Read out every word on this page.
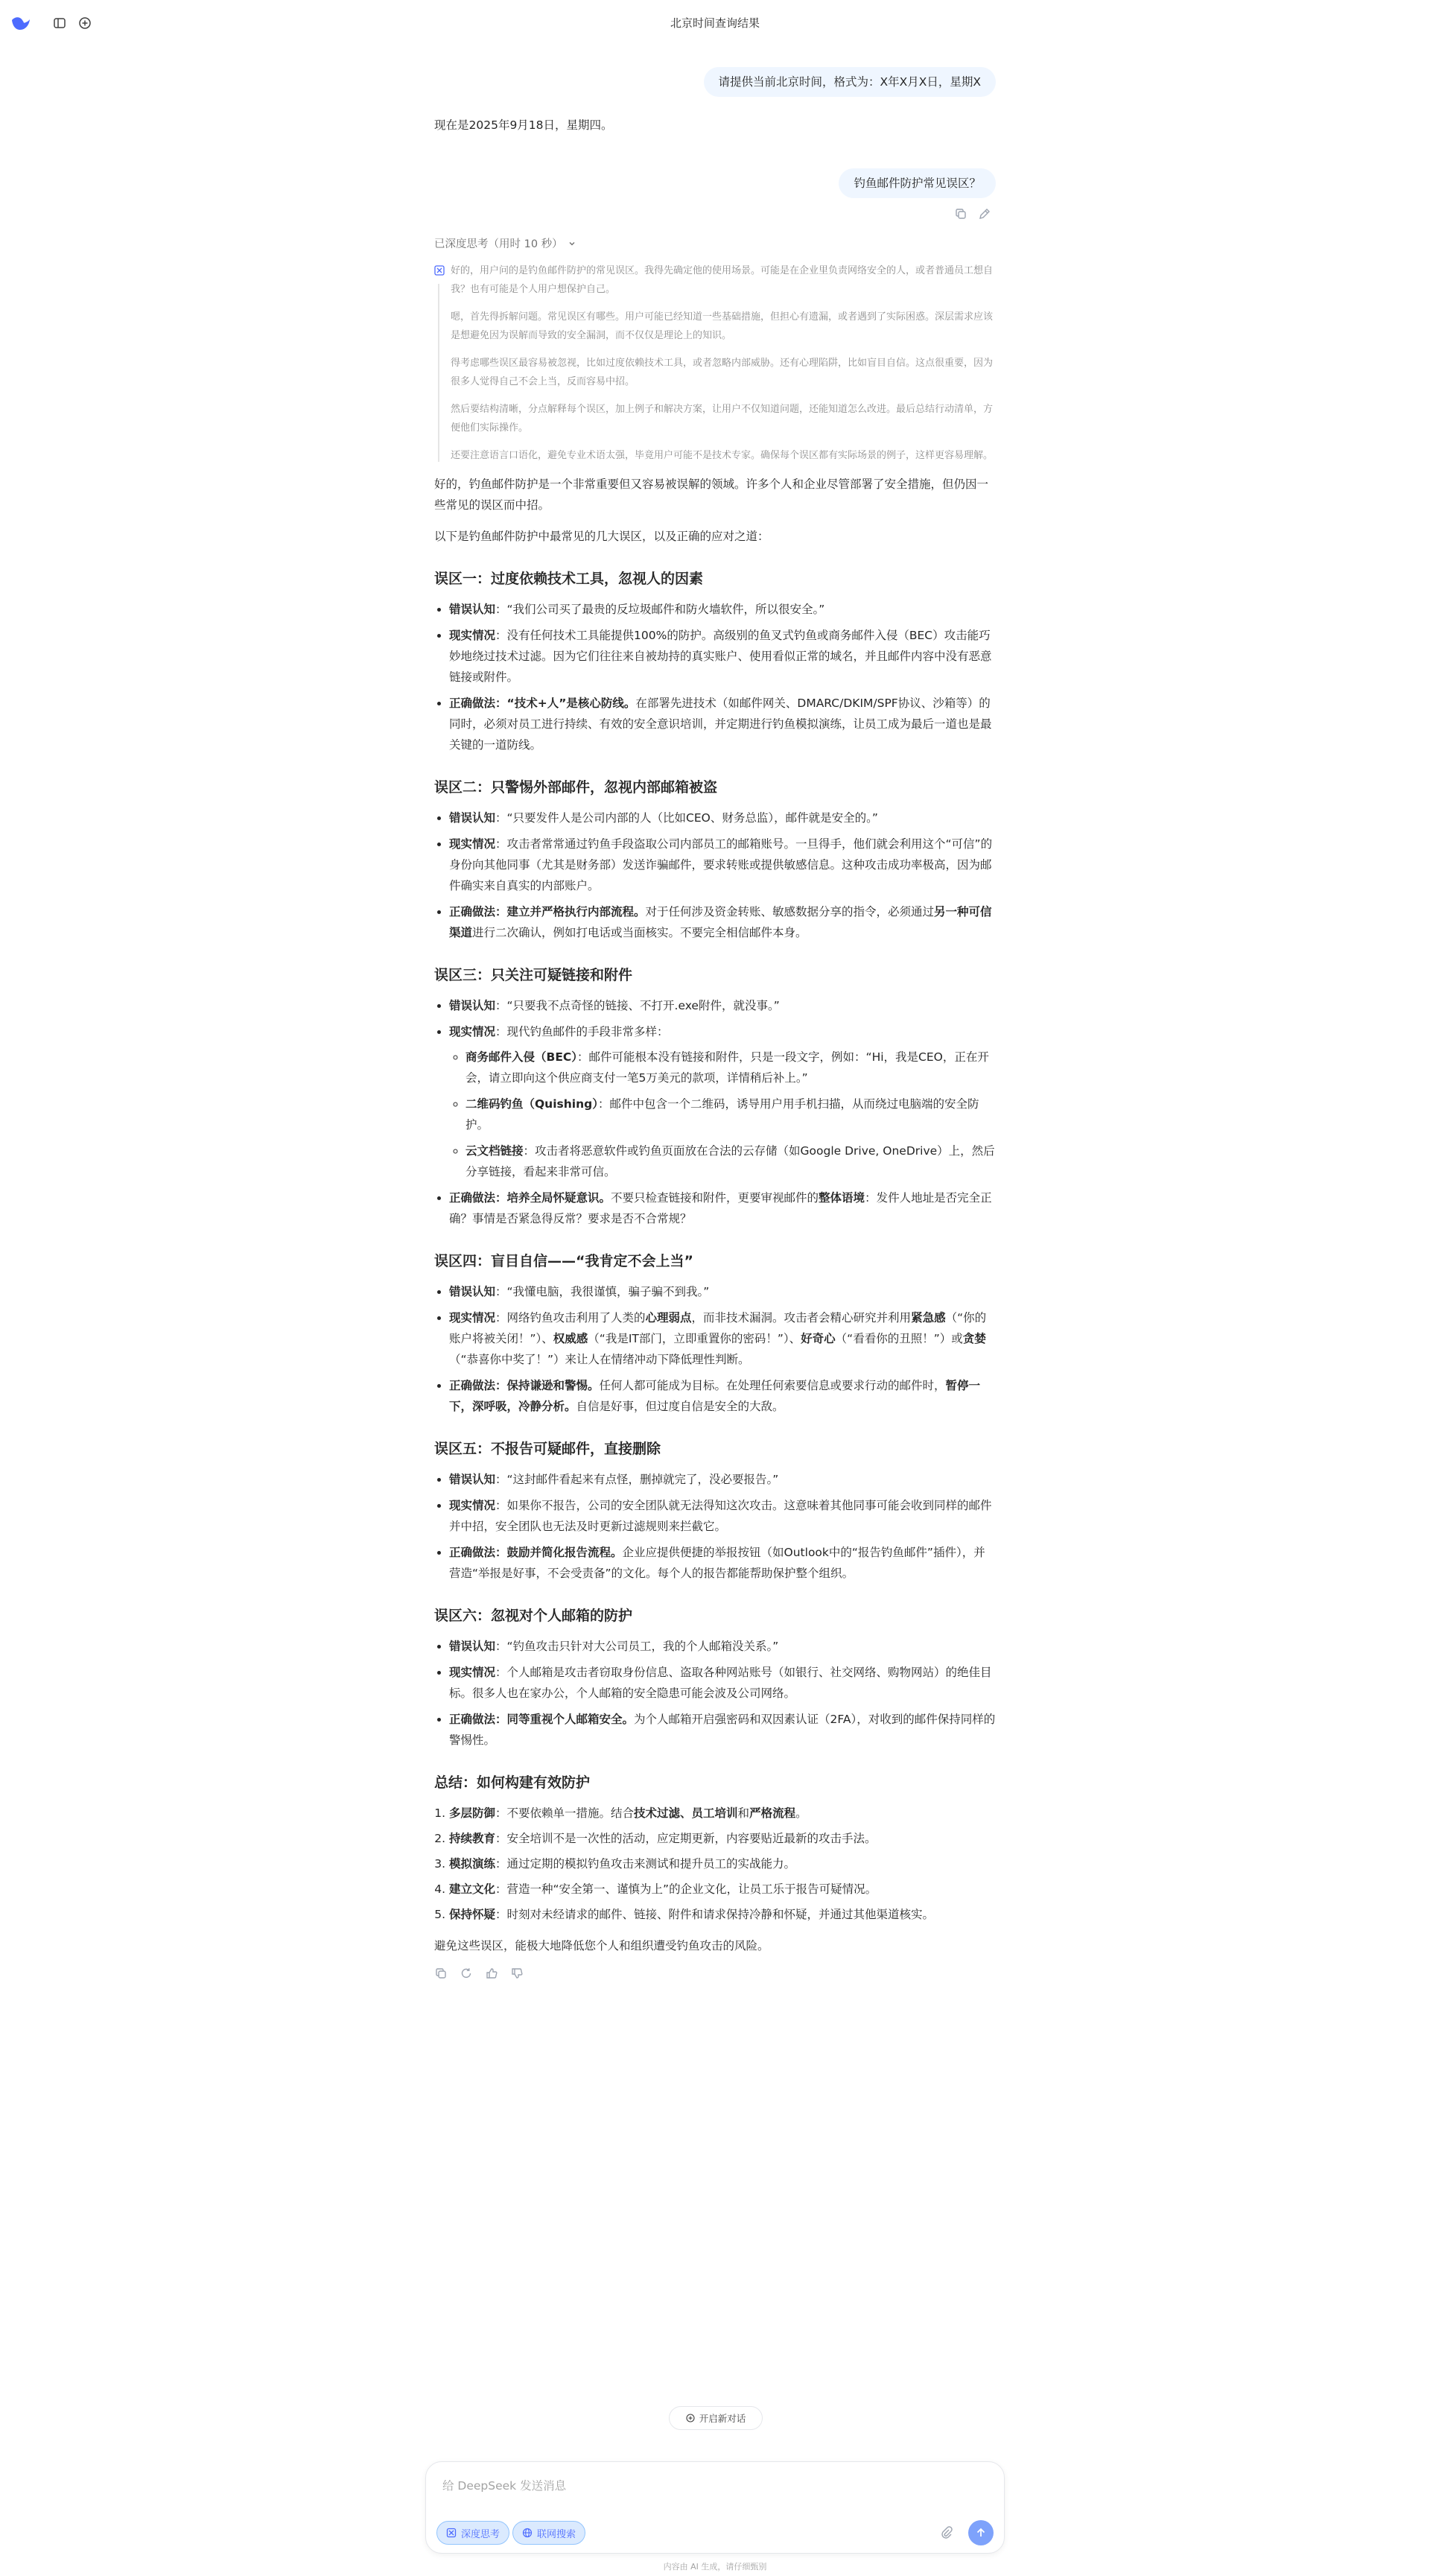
北京时间查询结果
请提供当前北京时间，格式为：X年X月X日，星期X
现在是2025年9月18日，星期四。
钓鱼邮件防护常见误区？
已深度思考（用时 10 秒）

好的，用户问的是钓鱼邮件防护的常见误区。我得先确定他的使用场景。可能是在企业里负责网络安全的人，或者普通员工想自我？也有可能是个人用户想保护自己。

嗯，首先得拆解问题。常见误区有哪些。用户可能已经知道一些基础措施，但担心有遗漏，或者遇到了实际困惑。深层需求应该是想避免因为误解而导致的安全漏洞，而不仅仅是理论上的知识。

得考虑哪些误区最容易被忽视，比如过度依赖技术工具，或者忽略内部威胁。还有心理陷阱，比如盲目自信。这点很重要，因为很多人觉得自己不会上当，反而容易中招。

然后要结构清晰，分点解释每个误区，加上例子和解决方案，让用户不仅知道问题，还能知道怎么改进。最后总结行动清单，方便他们实际操作。

还要注意语言口语化，避免专业术语太强，毕竟用户可能不是技术专家。确保每个误区都有实际场景的例子，这样更容易理解。

好的，钓鱼邮件防护是一个非常重要但又容易被误解的领域。许多个人和企业尽管部署了安全措施，但仍因一些常见的误区而中招。

以下是钓鱼邮件防护中最常见的几大误区，以及正确的应对之道：

误区一：过度依赖技术工具，忽视人的因素
• 错误认知：“我们公司买了最贵的反垃圾邮件和防火墙软件，所以很安全。”
• 现实情况：没有任何技术工具能提供100%的防护。高级别的鱼叉式钓鱼或商务邮件入侵（BEC）攻击能巧妙地绕过技术过滤。因为它们往往来自被劫持的真实账户、使用看似正常的域名，并且邮件内容中没有恶意链接或附件。
• 正确做法：“技术+人”是核心防线。在部署先进技术（如邮件网关、DMARC/DKIM/SPF协议、沙箱等）的同时，必须对员工进行持续、有效的安全意识培训，并定期进行钓鱼模拟演练，让员工成为最后一道也是最关键的一道防线。
误区二：只警惕外部邮件，忽视内部邮箱被盗
• 错误认知：“只要发件人是公司内部的人（比如CEO、财务总监），邮件就是安全的。”
• 现实情况：攻击者常常通过钓鱼手段盗取公司内部员工的邮箱账号。一旦得手，他们就会利用这个“可信”的身份向其他同事（尤其是财务部）发送诈骗邮件，要求转账或提供敏感信息。这种攻击成功率极高，因为邮件确实来自真实的内部账户。
• 正确做法：建立并严格执行内部流程。对于任何涉及资金转账、敏感数据分享的指令，必须通过另一种可信渠道进行二次确认，例如打电话或当面核实。不要完全相信邮件本身。
误区三：只关注可疑链接和附件
• 错误认知：“只要我不点奇怪的链接、不打开.exe附件，就没事。”
• 现实情况：现代钓鱼邮件的手段非常多样：
◦ 商务邮件入侵（BEC）：邮件可能根本没有链接和附件，只是一段文字，例如：“Hi，我是CEO，正在开会，请立即向这个供应商支付一笔5万美元的款项，详情稍后补上。”
◦ 二维码钓鱼（Quishing）：邮件中包含一个二维码，诱导用户用手机扫描，从而绕过电脑端的安全防护。
◦ 云文档链接：攻击者将恶意软件或钓鱼页面放在合法的云存储（如Google Drive, OneDrive）上，然后分享链接，看起来非常可信。
• 正确做法：培养全局怀疑意识。不要只检查链接和附件，更要审视邮件的整体语境：发件人地址是否完全正确？事情是否紧急得反常？要求是否不合常规？
误区四：盲目自信——“我肯定不会上当”
• 错误认知：“我懂电脑，我很谨慎，骗子骗不到我。”
• 现实情况：网络钓鱼攻击利用了人类的心理弱点，而非技术漏洞。攻击者会精心研究并利用紧急感（“你的账户将被关闭！”）、权威感（“我是IT部门，立即重置你的密码！”）、好奇心（“看看你的丑照！”）或贪婪（“恭喜你中奖了！”）来让人在情绪冲动下降低理性判断。
• 正确做法：保持谦逊和警惕。任何人都可能成为目标。在处理任何索要信息或要求行动的邮件时，暂停一下，深呼吸，冷静分析。自信是好事，但过度自信是安全的大敌。
误区五：不报告可疑邮件，直接删除
• 错误认知：“这封邮件看起来有点怪，删掉就完了，没必要报告。”
• 现实情况：如果你不报告，公司的安全团队就无法得知这次攻击。这意味着其他同事可能会收到同样的邮件并中招，安全团队也无法及时更新过滤规则来拦截它。
• 正确做法：鼓励并简化报告流程。企业应提供便捷的举报按钮（如Outlook中的“报告钓鱼邮件”插件），并营造“举报是好事，不会受责备”的文化。每个人的报告都能帮助保护整个组织。
误区六：忽视对个人邮箱的防护
• 错误认知：“钓鱼攻击只针对大公司员工，我的个人邮箱没关系。”
• 现实情况：个人邮箱是攻击者窃取身份信息、盗取各种网站账号（如银行、社交网络、购物网站）的绝佳目标。很多人也在家办公，个人邮箱的安全隐患可能会波及公司网络。
• 正确做法：同等重视个人邮箱安全。为个人邮箱开启强密码和双因素认证（2FA），对收到的邮件保持同样的警惕性。
总结：如何构建有效防护
1. 多层防御：不要依赖单一措施。结合技术过滤、员工培训和严格流程。
2. 持续教育：安全培训不是一次性的活动，应定期更新，内容要贴近最新的攻击手法。
3. 模拟演练：通过定期的模拟钓鱼攻击来测试和提升员工的实战能力。
4. 建立文化：营造一种“安全第一、谨慎为上”的企业文化，让员工乐于报告可疑情况。
5. 保持怀疑：时刻对未经请求的邮件、链接、附件和请求保持冷静和怀疑，并通过其他渠道核实。

避免这些误区，能极大地降低您个人和组织遭受钓鱼攻击的风险。

开启新对话
给 DeepSeek 发送消息
深度思考	联网搜索
内容由 AI 生成，请仔细甄别
